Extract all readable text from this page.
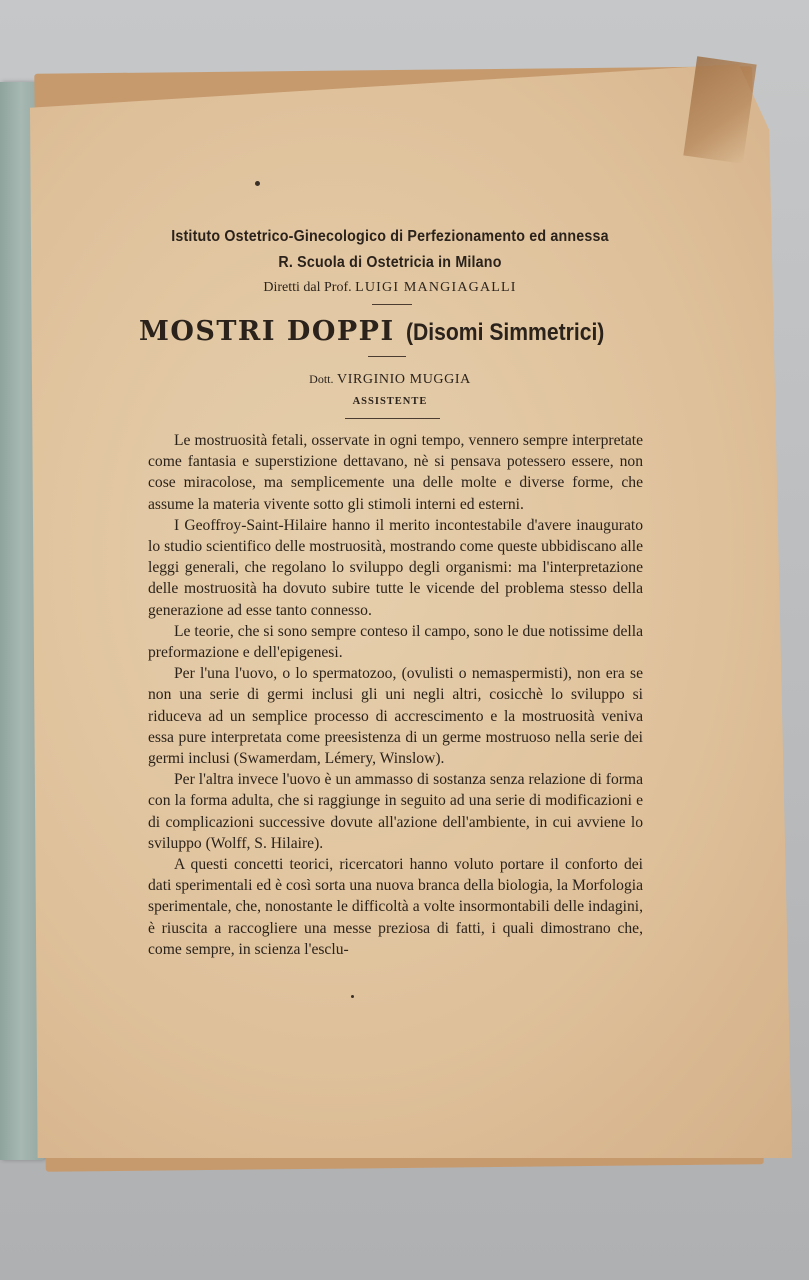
Istituto Ostetrico-Ginecologico di Perfezionamento ed annessa
R. Scuola di Ostetricia in Milano
Diretti dal Prof. LUIGI MANGIAGALLI
MOSTRI DOPPI (Disomi Simmetrici)
Dott. VIRGINIO MUGGIA
ASSISTENTE

Le mostruosità fetali, osservate in ogni tempo, vennero sempre interpretate come fantasia e superstizione dettavano, nè si pensava potessero essere, non cose miracolose, ma semplicemente una delle molte e diverse forme, che assume la materia vivente sotto gli stimoli interni ed esterni.

I Geoffroy-Saint-Hilaire hanno il merito incontestabile d'avere inaugurato lo studio scientifico delle mostruosità, mostrando come queste ubbidiscano alle leggi generali, che regolano lo sviluppo degli organismi: ma l'interpretazione delle mostruosità ha dovuto subire tutte le vicende del problema stesso della generazione ad esse tanto connesso.

Le teorie, che si sono sempre conteso il campo, sono le due notissime della preformazione e dell'epigenesi.

Per l'una l'uovo, o lo spermatozoo, (ovulisti o nemaspermisti), non era se non una serie di germi inclusi gli uni negli altri, cosicchè lo sviluppo si riduceva ad un semplice processo di accrescimento e la mostruosità veniva essa pure interpretata come preesistenza di un germe mostruoso nella serie dei germi inclusi (Swamerdam, Lémery, Winslow).

Per l'altra invece l'uovo è un ammasso di sostanza senza relazione di forma con la forma adulta, che si raggiunge in seguito ad una serie di modificazioni e di complicazioni successive dovute all'azione dell'ambiente, in cui avviene lo sviluppo (Wolff, S. Hilaire).

A questi concetti teorici, ricercatori hanno voluto portare il conforto dei dati sperimentali ed è così sorta una nuova branca della biologia, la Morfologia sperimentale, che, nonostante le difficoltà a volte insormontabili delle indagini, è riuscita a raccogliere una messe preziosa di fatti, i quali dimostrano che, come sempre, in scienza l'esclu-
